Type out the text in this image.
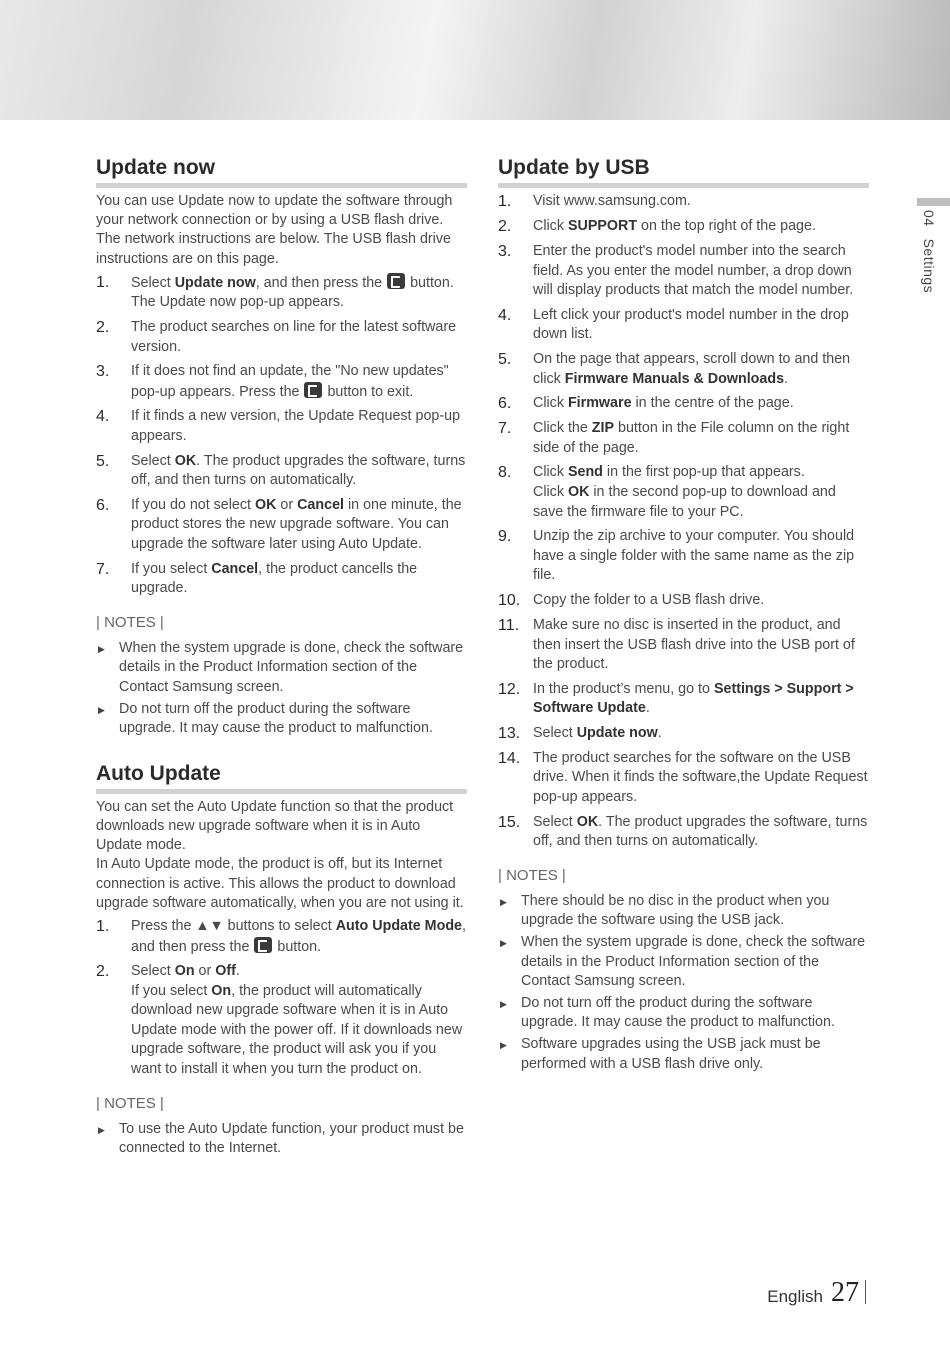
04Settings
Update now

You can use Update now to update the software through your network connection or by using a USB flash drive. The network instructions are below. The USB flash drive instructions are on this page.

1.	Select Update now, and then press the  button. The Update now pop-up appears.
2.	The product searches on line for the latest software version.
3.	If it does not find an update, the "No new updates" pop-up appears. Press the  button to exit.
4.	If it finds a new version, the Update Request pop-up appears.
5.	Select OK. The product upgrades the software, turns off, and then turns on automatically.
6.	If you do not select OK or Cancel in one minute, the product stores the new upgrade software. You can upgrade the software later using Auto Update.
7.	If you select Cancel, the product cancells the upgrade.
| NOTES |
▶ When the system upgrade is done, check the software details in the Product Information section of the Contact Samsung screen.
▶ Do not turn off the product during the software upgrade. It may cause the product to malfunction.
Auto Update

You can set the Auto Update function so that the product downloads new upgrade software when it is in Auto Update mode.

In Auto Update mode, the product is off, but its Internet connection is active. This allows the product to download upgrade software automatically, when you are not using it.

1.	Press the ▲▼ buttons to select Auto Update Mode, and then press the  button.
2.	Select On or Off.
If you select On, the product will automatically download new upgrade software when it is in Auto Update mode with the power off. If it downloads new upgrade software, the product will ask you if you want to install it when you turn the product on.
| NOTES |
▶ To use the Auto Update function, your product must be connected to the Internet.
Update by USB
1.	Visit www.samsung.com.
2.	Click SUPPORT on the top right of the page.
3.	Enter the product's model number into the search field. As you enter the model number, a drop down will display products that match the model number.
4.	Left click your product's model number in the drop down list.
5.	On the page that appears, scroll down to and then click Firmware Manuals & Downloads.
6.	Click Firmware in the centre of the page.
7.	Click the ZIP button in the File column on the right side of the page.
8.	Click Send in the first pop-up that appears.
Click OK in the second pop-up to download and save the firmware file to your PC.
9.	Unzip the zip archive to your computer. You should have a single folder with the same name as the zip file.
10. Copy the folder to a USB flash drive.
11. Make sure no disc is inserted in the product, and then insert the USB flash drive into the USB port of the product.
12. In the product’s menu, go to Settings > Support > Software Update.
13. Select Update now.
14. The product searches for the software on the USB drive. When it finds the software,the Update Request pop-up appears.
15. Select OK. The product upgrades the software, turns off, and then turns on automatically.
| NOTES |
▶ There should be no disc in the product when you upgrade the software using the USB jack.
▶ When the system upgrade is done, check the software details in the Product Information section of the Contact Samsung screen.
▶ Do not turn off the product during the software upgrade. It may cause the product to malfunction.
▶ Software upgrades using the USB jack must be performed with a USB flash drive only.
English 27
